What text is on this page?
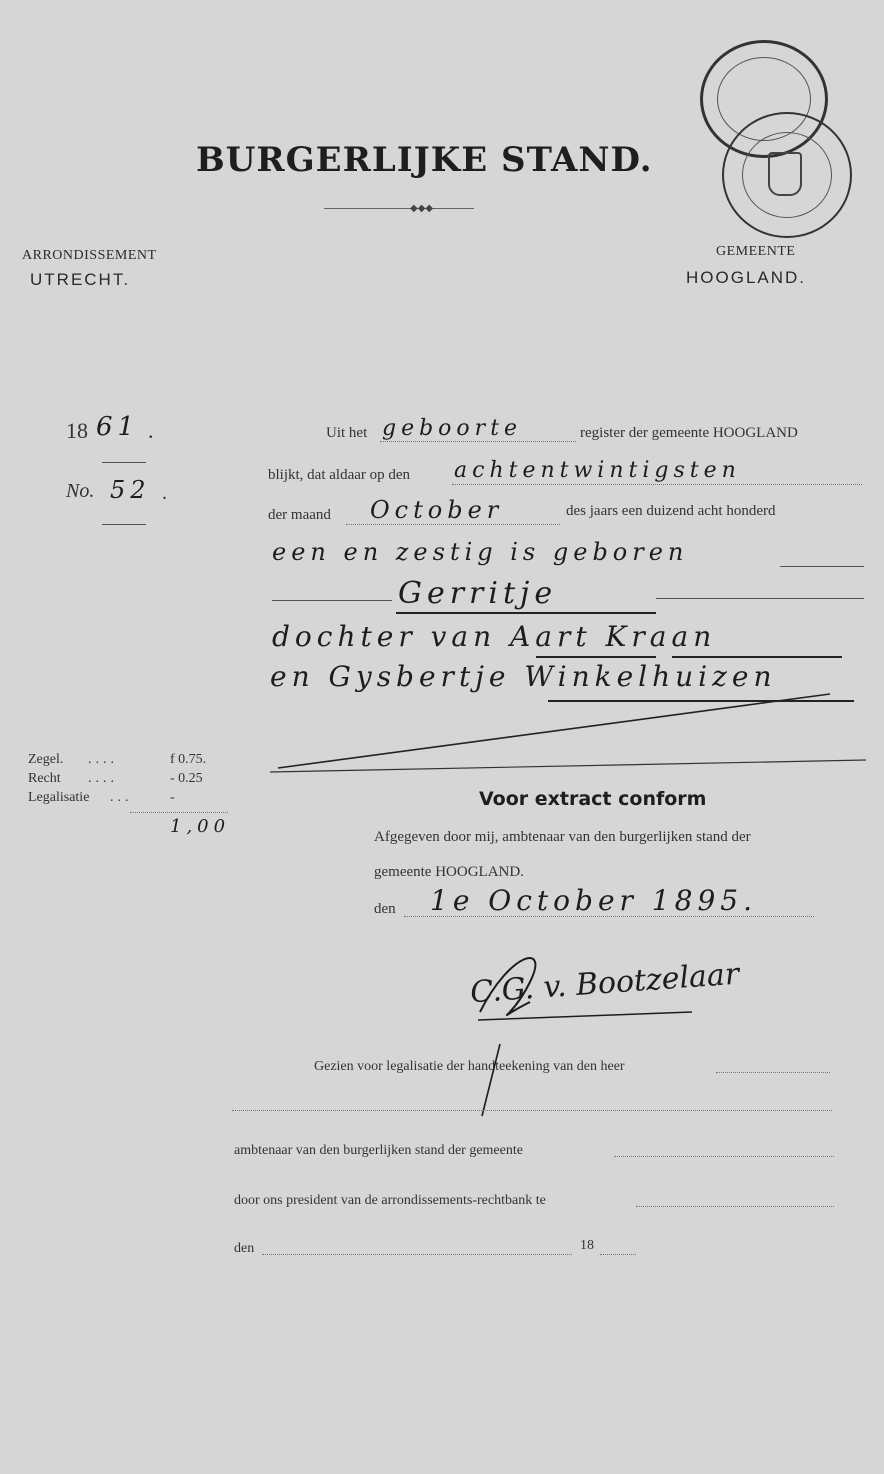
BURGERLIJKE STAND.
◆◆◆
ARRONDISSEMENT
UTRECHT.
GEMEENTE
HOOGLAND.
18 61 .
No. 52 .
Uit het geboorte	register der gemeente HOOGLAND
blijkt, dat aldaar op den achtentwintigsten
der maand October	des jaars een duizend acht honderd
een en zestig is geboren
Gerritje
dochter van Aart Kraan
en Gysbertje Winkelhuizen
Zegel. ....	f 0.75.
Recht ....	- 0.25
Legalisatie ...	-
1,00
Voor extract conform
Afgegeven door mij, ambtenaar van den burgerlijken stand der
gemeente HOOGLAND.
den 1e October 1895.
C.G. v. Bootzelaar
Gezien voor legalisatie der handteekening van den heer
ambtenaar van den burgerlijken stand der gemeente
door ons president van de arrondissements-rechtbank te
den	18
